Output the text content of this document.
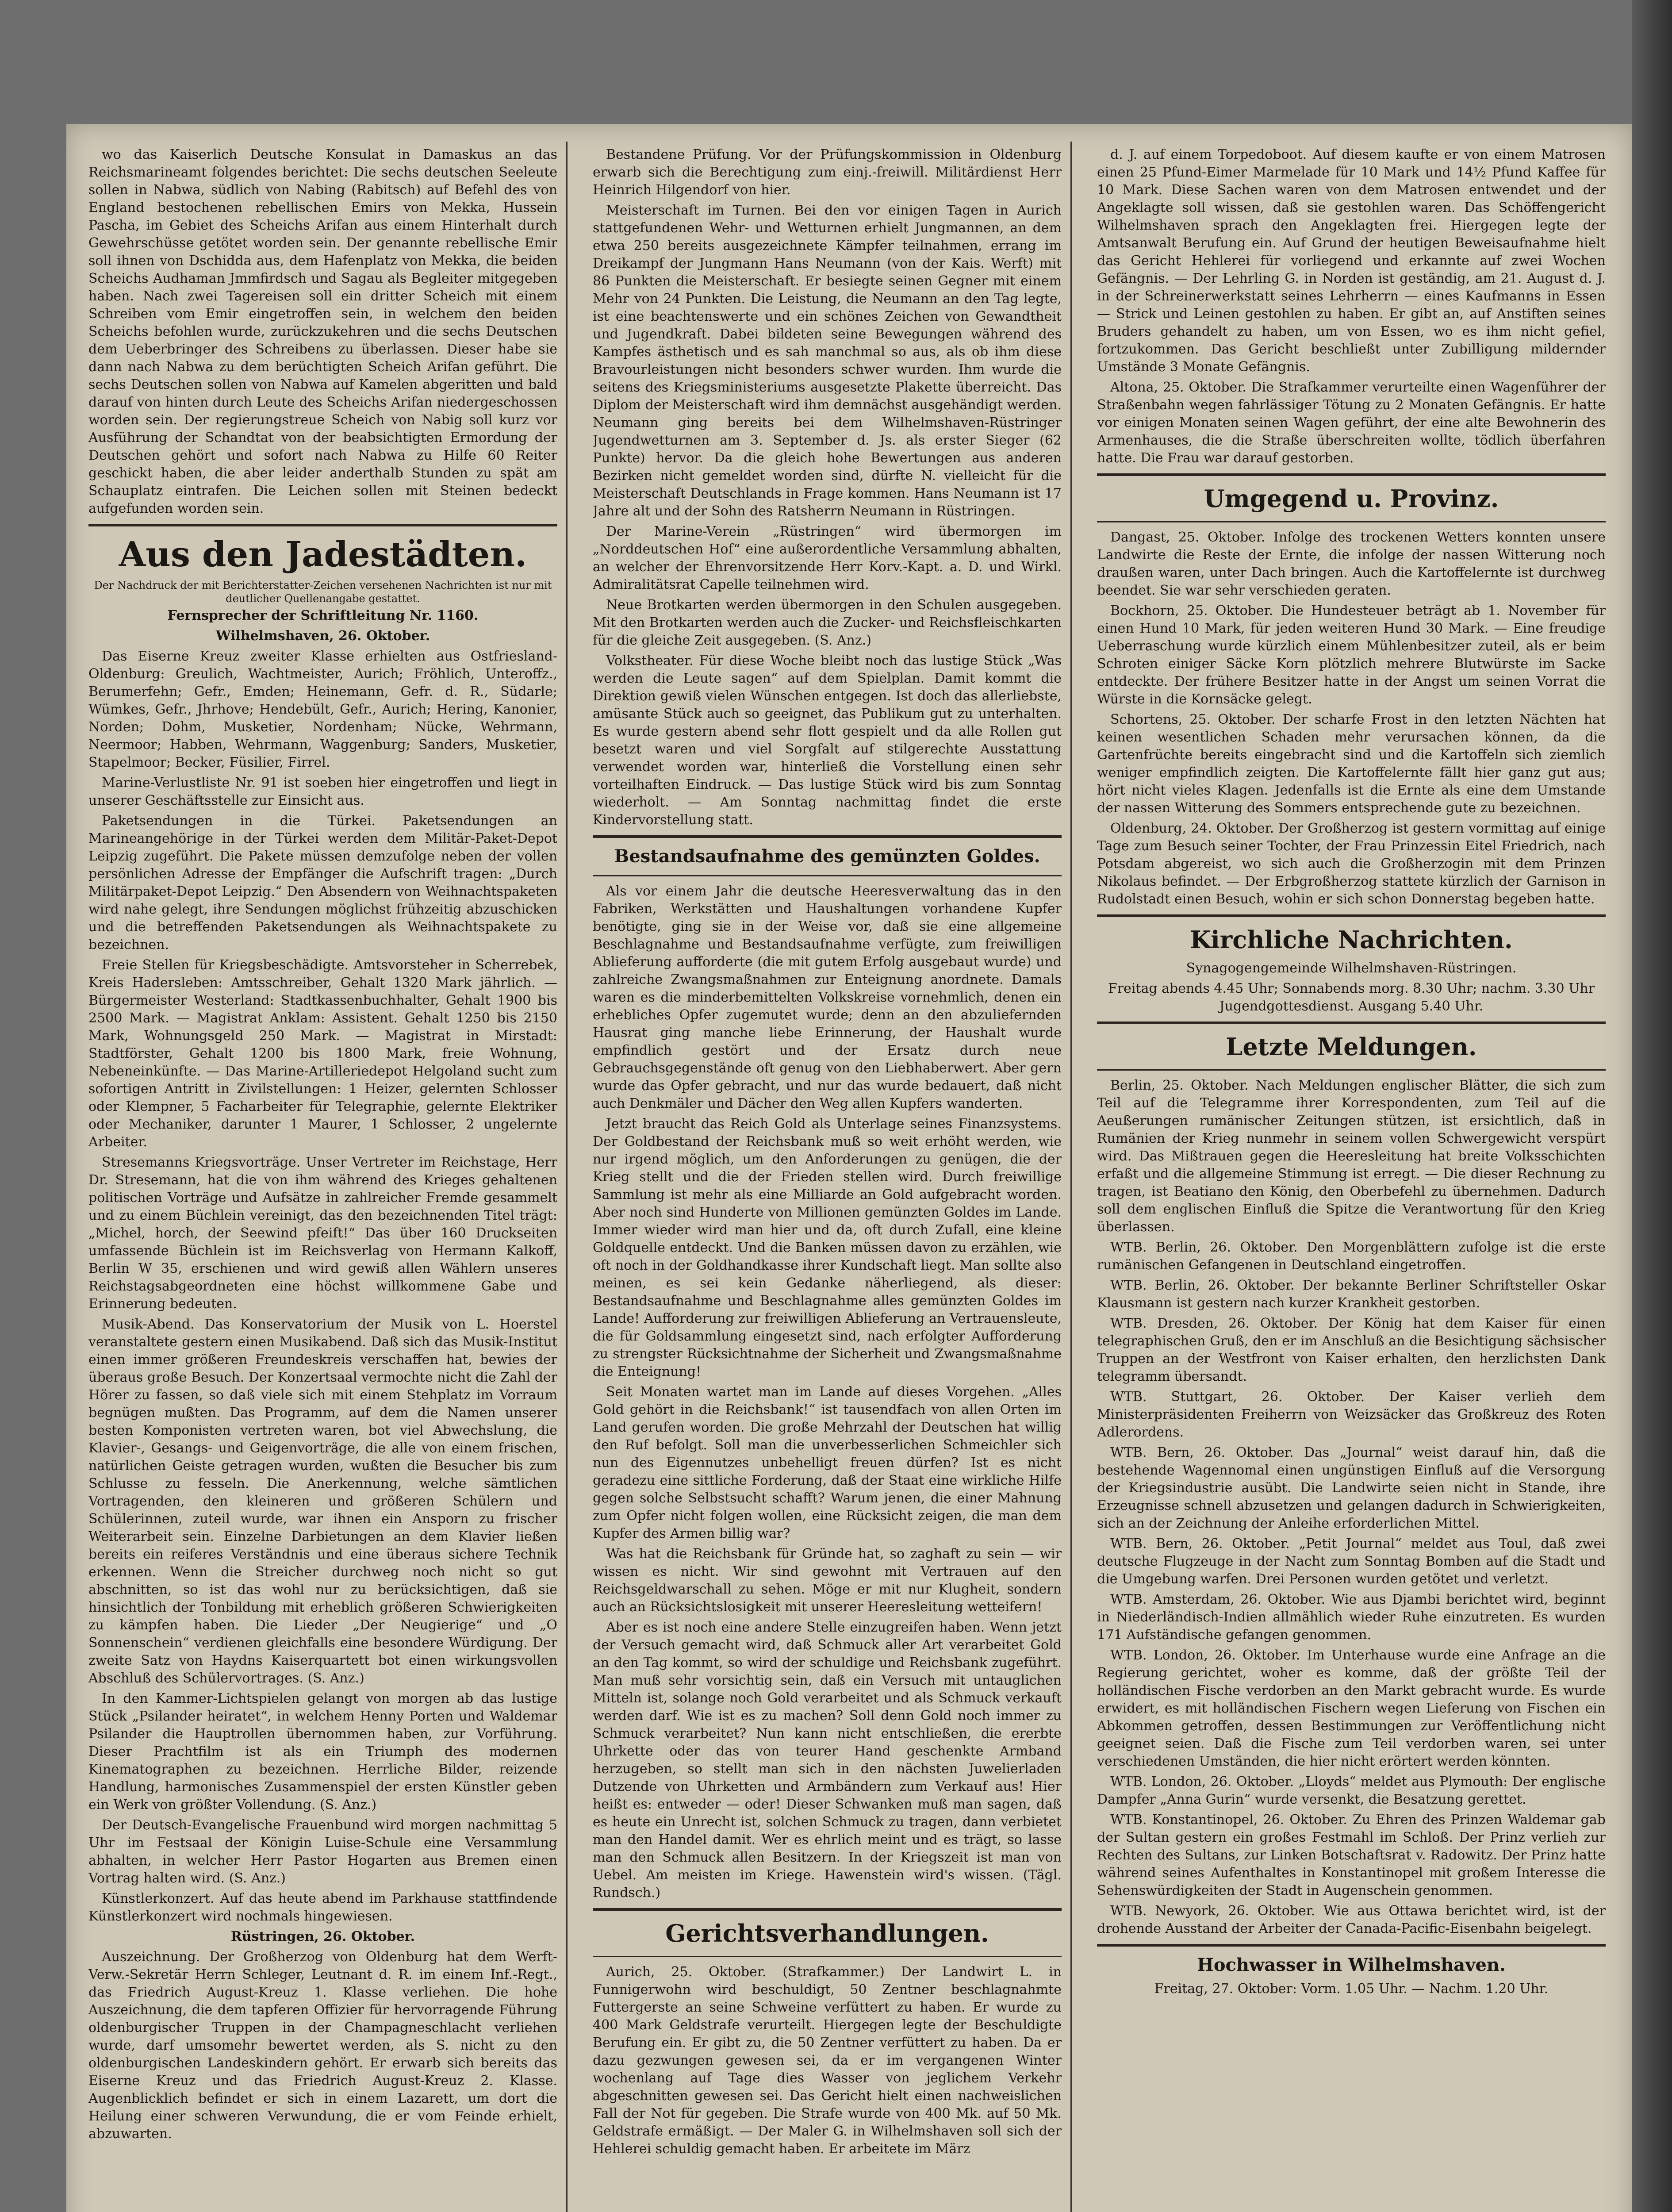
wo das Kaiserlich Deutsche Konsulat in Damaskus an das Reichsmarineamt folgendes berichtet: Die sechs deutschen Seeleute sollen in Nabwa, südlich von Nabing (Rabitsch) auf Befehl des von England bestochenen rebellischen Emirs von Mekka, Hussein Pascha, im Gebiet des Scheichs Arifan aus einem Hinterhalt durch Gewehrschüsse getötet worden sein. Der genannte rebellische Emir soll ihnen von Dschidda aus, dem Hafenplatz von Mekka, die beiden Scheichs Audhaman Jmmfirdsch und Sagau als Begleiter mitgegeben haben. Nach zwei Tagereisen soll ein dritter Scheich mit einem Schreiben vom Emir eingetroffen sein, in welchem den beiden Scheichs befohlen wurde, zurückzukehren und die sechs Deutschen dem Ueberbringer des Schreibens zu überlassen. Dieser habe sie dann nach Nabwa zu dem berüchtigten Scheich Arifan geführt. Die sechs Deutschen sollen von Nabwa auf Kamelen abgeritten und bald darauf von hinten durch Leute des Scheichs Arifan niedergeschossen worden sein. Der regierungstreue Scheich von Nabig soll kurz vor Ausführung der Schandtat von der beabsichtigten Ermordung der Deutschen gehört und sofort nach Nabwa zu Hilfe 60 Reiter geschickt haben, die aber leider anderthalb Stunden zu spät am Schauplatz eintrafen. Die Leichen sollen mit Steinen bedeckt aufgefunden worden sein.

Aus den Jadestädten.
Der Nachdruck der mit Berichterstatter-Zeichen versehenen Nachrichten ist nur mit deutlicher Quellenangabe gestattet.
Fernsprecher der Schriftleitung Nr. 1160.
Wilhelmshaven, 26. Oktober.

Das Eiserne Kreuz zweiter Klasse erhielten aus Ostfriesland-Oldenburg: Greulich, Wachtmeister, Aurich; Fröhlich, Unteroffz., Berumerfehn; Gefr., Emden; Heinemann, Gefr. d. R., Südarle; Wümkes, Gefr., Jhrhove; Hendebült, Gefr., Aurich; Hering, Kanonier, Norden; Dohm, Musketier, Nordenham; Nücke, Wehrmann, Neermoor; Habben, Wehrmann, Waggenburg; Sanders, Musketier, Stapelmoor; Becker, Füsilier, Firrel.

Marine-Verlustliste Nr. 91 ist soeben hier eingetroffen und liegt in unserer Geschäftsstelle zur Einsicht aus.

Paketsendungen in die Türkei. Paketsendungen an Marineangehörige in der Türkei werden dem Militär-Paket-Depot Leipzig zugeführt. Die Pakete müssen demzufolge neben der vollen persönlichen Adresse der Empfänger die Aufschrift tragen: „Durch Militärpaket-Depot Leipzig.“ Den Absendern von Weihnachtspaketen wird nahe gelegt, ihre Sendungen möglichst frühzeitig abzuschicken und die betreffenden Paketsendungen als Weihnachtspakete zu bezeichnen.

Freie Stellen für Kriegsbeschädigte. Amtsvorsteher in Scherrebek, Kreis Hadersleben: Amtsschreiber, Gehalt 1320 Mark jährlich. — Bürgermeister Westerland: Stadtkassenbuchhalter, Gehalt 1900 bis 2500 Mark. — Magistrat Anklam: Assistent. Gehalt 1250 bis 2150 Mark, Wohnungsgeld 250 Mark. — Magistrat in Mirstadt: Stadtförster, Gehalt 1200 bis 1800 Mark, freie Wohnung, Nebeneinkünfte. — Das Marine-Artilleriedepot Helgoland sucht zum sofortigen Antritt in Zivilstellungen: 1 Heizer, gelernten Schlosser oder Klempner, 5 Facharbeiter für Telegraphie, gelernte Elektriker oder Mechaniker, darunter 1 Maurer, 1 Schlosser, 2 ungelernte Arbeiter.

Stresemanns Kriegsvorträge. Unser Vertreter im Reichstage, Herr Dr. Stresemann, hat die von ihm während des Krieges gehaltenen politischen Vorträge und Aufsätze in zahlreicher Fremde gesammelt und zu einem Büchlein vereinigt, das den bezeichnenden Titel trägt: „Michel, horch, der Seewind pfeift!“ Das über 160 Druckseiten umfassende Büchlein ist im Reichsverlag von Hermann Kalkoff, Berlin W 35, erschienen und wird gewiß allen Wählern unseres Reichstagsabgeordneten eine höchst willkommene Gabe und Erinnerung bedeuten.

Musik-Abend. Das Konservatorium der Musik von L. Hoerstel veranstaltete gestern einen Musikabend. Daß sich das Musik-Institut einen immer größeren Freundeskreis verschaffen hat, bewies der überaus große Besuch. Der Konzertsaal vermochte nicht die Zahl der Hörer zu fassen, so daß viele sich mit einem Stehplatz im Vorraum begnügen mußten. Das Programm, auf dem die Namen unserer besten Komponisten vertreten waren, bot viel Abwechslung, die Klavier-, Gesangs- und Geigenvorträge, die alle von einem frischen, natürlichen Geiste getragen wurden, wußten die Besucher bis zum Schlusse zu fesseln. Die Anerkennung, welche sämtlichen Vortragenden, den kleineren und größeren Schülern und Schülerinnen, zuteil wurde, war ihnen ein Ansporn zu frischer Weiterarbeit sein. Einzelne Darbietungen an dem Klavier ließen bereits ein reiferes Verständnis und eine überaus sichere Technik erkennen. Wenn die Streicher durchweg noch nicht so gut abschnitten, so ist das wohl nur zu berücksichtigen, daß sie hinsichtlich der Tonbildung mit erheblich größeren Schwierigkeiten zu kämpfen haben. Die Lieder „Der Neugierige“ und „O Sonnenschein“ verdienen gleichfalls eine besondere Würdigung. Der zweite Satz von Haydns Kaiserquartett bot einen wirkungsvollen Abschluß des Schülervortrages. (S. Anz.)

In den Kammer-Lichtspielen gelangt von morgen ab das lustige Stück „Psilander heiratet“, in welchem Henny Porten und Waldemar Psilander die Hauptrollen übernommen haben, zur Vorführung. Dieser Prachtfilm ist als ein Triumph des modernen Kinematographen zu bezeichnen. Herrliche Bilder, reizende Handlung, harmonisches Zusammenspiel der ersten Künstler geben ein Werk von größter Vollendung. (S. Anz.)

Der Deutsch-Evangelische Frauenbund wird morgen nachmittag 5 Uhr im Festsaal der Königin Luise-Schule eine Versammlung abhalten, in welcher Herr Pastor Hogarten aus Bremen einen Vortrag halten wird. (S. Anz.)

Künstlerkonzert. Auf das heute abend im Parkhause stattfindende Künstlerkonzert wird nochmals hingewiesen.

Rüstringen, 26. Oktober.

Auszeichnung. Der Großherzog von Oldenburg hat dem Werft-Verw.-Sekretär Herrn Schleger, Leutnant d. R. im einem Inf.-Regt., das Friedrich August-Kreuz 1. Klasse verliehen. Die hohe Auszeichnung, die dem tapferen Offizier für hervorragende Führung oldenburgischer Truppen in der Champagneschlacht verliehen wurde, darf umsomehr bewertet werden, als S. nicht zu den oldenburgischen Landeskindern gehört. Er erwarb sich bereits das Eiserne Kreuz und das Friedrich August-Kreuz 2. Klasse. Augenblicklich befindet er sich in einem Lazarett, um dort die Heilung einer schweren Verwundung, die er vom Feinde erhielt, abzuwarten.

Bestandene Prüfung. Vor der Prüfungskommission in Oldenburg erwarb sich die Berechtigung zum einj.-freiwill. Militärdienst Herr Heinrich Hilgendorf von hier.

Meisterschaft im Turnen. Bei den vor einigen Tagen in Aurich stattgefundenen Wehr- und Wetturnen erhielt Jungmannen, an dem etwa 250 bereits ausgezeichnete Kämpfer teilnahmen, errang im Dreikampf der Jungmann Hans Neumann (von der Kais. Werft) mit 86 Punkten die Meisterschaft. Er besiegte seinen Gegner mit einem Mehr von 24 Punkten. Die Leistung, die Neumann an den Tag legte, ist eine beachtenswerte und ein schönes Zeichen von Gewandtheit und Jugendkraft. Dabei bildeten seine Bewegungen während des Kampfes ästhetisch und es sah manchmal so aus, als ob ihm diese Bravourleistungen nicht besonders schwer wurden. Ihm wurde die seitens des Kriegsministeriums ausgesetzte Plakette überreicht. Das Diplom der Meisterschaft wird ihm demnächst ausgehändigt werden. Neumann ging bereits bei dem Wilhelmshaven-Rüstringer Jugendwetturnen am 3. September d. Js. als erster Sieger (62 Punkte) hervor. Da die gleich hohe Bewertungen aus anderen Bezirken nicht gemeldet worden sind, dürfte N. vielleicht für die Meisterschaft Deutschlands in Frage kommen. Hans Neumann ist 17 Jahre alt und der Sohn des Ratsherrn Neumann in Rüstringen.

Der Marine-Verein „Rüstringen“ wird übermorgen im „Norddeutschen Hof“ eine außerordentliche Versammlung abhalten, an welcher der Ehrenvorsitzende Herr Korv.-Kapt. a. D. und Wirkl. Admiralitätsrat Capelle teilnehmen wird.

Neue Brotkarten werden übermorgen in den Schulen ausgegeben. Mit den Brotkarten werden auch die Zucker- und Reichsfleischkarten für die gleiche Zeit ausgegeben. (S. Anz.)

Volkstheater. Für diese Woche bleibt noch das lustige Stück „Was werden die Leute sagen“ auf dem Spielplan. Damit kommt die Direktion gewiß vielen Wünschen entgegen. Ist doch das allerliebste, amüsante Stück auch so geeignet, das Publikum gut zu unterhalten. Es wurde gestern abend sehr flott gespielt und da alle Rollen gut besetzt waren und viel Sorgfalt auf stilgerechte Ausstattung verwendet worden war, hinterließ die Vorstellung einen sehr vorteilhaften Eindruck. — Das lustige Stück wird bis zum Sonntag wiederholt. — Am Sonntag nachmittag findet die erste Kindervorstellung statt.

Bestandsaufnahme des gemünzten Goldes.

Als vor einem Jahr die deutsche Heeresverwaltung das in den Fabriken, Werkstätten und Haushaltungen vorhandene Kupfer benötigte, ging sie in der Weise vor, daß sie eine allgemeine Beschlagnahme und Bestandsaufnahme verfügte, zum freiwilligen Ablieferung aufforderte (die mit gutem Erfolg ausgebaut wurde) und zahlreiche Zwangsmaßnahmen zur Enteignung anordnete. Damals waren es die minderbemittelten Volkskreise vornehmlich, denen ein erhebliches Opfer zugemutet wurde; denn an den abzuliefernden Hausrat ging manche liebe Erinnerung, der Haushalt wurde empfindlich gestört und der Ersatz durch neue Gebrauchsgegenstände oft genug von den Liebhaberwert. Aber gern wurde das Opfer gebracht, und nur das wurde bedauert, daß nicht auch Denkmäler und Dächer den Weg allen Kupfers wanderten.

Jetzt braucht das Reich Gold als Unterlage seines Finanzsystems. Der Goldbestand der Reichsbank muß so weit erhöht werden, wie nur irgend möglich, um den Anforderungen zu genügen, die der Krieg stellt und die der Frieden stellen wird. Durch freiwillige Sammlung ist mehr als eine Milliarde an Gold aufgebracht worden. Aber noch sind Hunderte von Millionen gemünzten Goldes im Lande. Immer wieder wird man hier und da, oft durch Zufall, eine kleine Goldquelle entdeckt. Und die Banken müssen davon zu erzählen, wie oft noch in der Goldhandkasse ihrer Kundschaft liegt. Man sollte also meinen, es sei kein Gedanke näherliegend, als dieser: Bestandsaufnahme und Beschlagnahme alles gemünzten Goldes im Lande! Aufforderung zur freiwilligen Ablieferung an Vertrauensleute, die für Goldsammlung eingesetzt sind, nach erfolgter Aufforderung zu strengster Rücksichtnahme der Sicherheit und Zwangsmaßnahme die Enteignung!

Seit Monaten wartet man im Lande auf dieses Vorgehen. „Alles Gold gehört in die Reichsbank!“ ist tausendfach von allen Orten im Land gerufen worden. Die große Mehrzahl der Deutschen hat willig den Ruf befolgt. Soll man die unverbesserlichen Schmeichler sich nun des Eigennutzes unbehelligt freuen dürfen? Ist es nicht geradezu eine sittliche Forderung, daß der Staat eine wirkliche Hilfe gegen solche Selbstsucht schafft? Warum jenen, die einer Mahnung zum Opfer nicht folgen wollen, eine Rücksicht zeigen, die man dem Kupfer des Armen billig war?

Was hat die Reichsbank für Gründe hat, so zaghaft zu sein — wir wissen es nicht. Wir sind gewohnt mit Vertrauen auf den Reichsgeldwarschall zu sehen. Möge er mit nur Klugheit, sondern auch an Rücksichtslosigkeit mit unserer Heeresleitung wetteifern!

Aber es ist noch eine andere Stelle einzugreifen haben. Wenn jetzt der Versuch gemacht wird, daß Schmuck aller Art verarbeitet Gold an den Tag kommt, so wird der schuldige und Reichsbank zugeführt. Man muß sehr vorsichtig sein, daß ein Versuch mit untauglichen Mitteln ist, solange noch Gold verarbeitet und als Schmuck verkauft werden darf. Wie ist es zu machen? Soll denn Gold noch immer zu Schmuck verarbeitet? Nun kann nicht entschließen, die ererbte Uhrkette oder das von teurer Hand geschenkte Armband herzugeben, so stellt man sich in den nächsten Juwelierladen Dutzende von Uhrketten und Armbändern zum Verkauf aus! Hier heißt es: entweder — oder! Dieser Schwanken muß man sagen, daß es heute ein Unrecht ist, solchen Schmuck zu tragen, dann verbietet man den Handel damit. Wer es ehrlich meint und es trägt, so lasse man den Schmuck allen Besitzern. In der Kriegszeit ist man von Uebel. Am meisten im Kriege. Hawenstein wird's wissen. (Tägl. Rundsch.)

Gerichtsverhandlungen.

Aurich, 25. Oktober. (Strafkammer.) Der Landwirt L. in Funnigerwohn wird beschuldigt, 50 Zentner beschlagnahmte Futtergerste an seine Schweine verfüttert zu haben. Er wurde zu 400 Mark Geldstrafe verurteilt. Hiergegen legte der Beschuldigte Berufung ein. Er gibt zu, die 50 Zentner verfüttert zu haben. Da er dazu gezwungen gewesen sei, da er im vergangenen Winter wochenlang auf Tage dies Wasser von jeglichem Verkehr abgeschnitten gewesen sei. Das Gericht hielt einen nachweislichen Fall der Not für gegeben. Die Strafe wurde von 400 Mk. auf 50 Mk. Geldstrafe ermäßigt. — Der Maler G. in Wilhelmshaven soll sich der Hehlerei schuldig gemacht haben. Er arbeitete im März

d. J. auf einem Torpedoboot. Auf diesem kaufte er von einem Matrosen einen 25 Pfund-Eimer Marmelade für 10 Mark und 14½ Pfund Kaffee für 10 Mark. Diese Sachen waren von dem Matrosen entwendet und der Angeklagte soll wissen, daß sie gestohlen waren. Das Schöffengericht Wilhelmshaven sprach den Angeklagten frei. Hiergegen legte der Amtsanwalt Berufung ein. Auf Grund der heutigen Beweisaufnahme hielt das Gericht Hehlerei für vorliegend und erkannte auf zwei Wochen Gefängnis. — Der Lehrling G. in Norden ist geständig, am 21. August d. J. in der Schreinerwerkstatt seines Lehrherrn — eines Kaufmanns in Essen — Strick und Leinen gestohlen zu haben. Er gibt an, auf Anstiften seines Bruders gehandelt zu haben, um von Essen, wo es ihm nicht gefiel, fortzukommen. Das Gericht beschließt unter Zubilligung mildernder Umstände 3 Monate Gefängnis.

Altona, 25. Oktober. Die Strafkammer verurteilte einen Wagenführer der Straßenbahn wegen fahrlässiger Tötung zu 2 Monaten Gefängnis. Er hatte vor einigen Monaten seinen Wagen geführt, der eine alte Bewohnerin des Armenhauses, die die Straße überschreiten wollte, tödlich überfahren hatte. Die Frau war darauf gestorben.

Umgegend u. Provinz.

Dangast, 25. Oktober. Infolge des trockenen Wetters konnten unsere Landwirte die Reste der Ernte, die infolge der nassen Witterung noch draußen waren, unter Dach bringen. Auch die Kartoffelernte ist durchweg beendet. Sie war sehr verschieden geraten.

Bockhorn, 25. Oktober. Die Hundesteuer beträgt ab 1. November für einen Hund 10 Mark, für jeden weiteren Hund 30 Mark. — Eine freudige Ueberraschung wurde kürzlich einem Mühlenbesitzer zuteil, als er beim Schroten einiger Säcke Korn plötzlich mehrere Blutwürste im Sacke entdeckte. Der frühere Besitzer hatte in der Angst um seinen Vorrat die Würste in die Kornsäcke gelegt.

Schortens, 25. Oktober. Der scharfe Frost in den letzten Nächten hat keinen wesentlichen Schaden mehr verursachen können, da die Gartenfrüchte bereits eingebracht sind und die Kartoffeln sich ziemlich weniger empfindlich zeigten. Die Kartoffelernte fällt hier ganz gut aus; hört nicht vieles Klagen. Jedenfalls ist die Ernte als eine dem Umstande der nassen Witterung des Sommers entsprechende gute zu bezeichnen.

Oldenburg, 24. Oktober. Der Großherzog ist gestern vormittag auf einige Tage zum Besuch seiner Tochter, der Frau Prinzessin Eitel Friedrich, nach Potsdam abgereist, wo sich auch die Großherzogin mit dem Prinzen Nikolaus befindet. — Der Erbgroßherzog stattete kürzlich der Garnison in Rudolstadt einen Besuch, wohin er sich schon Donnerstag begeben hatte.

Kirchliche Nachrichten.

Synagogengemeinde Wilhelmshaven-Rüstringen.

Freitag abends 4.45 Uhr; Sonnabends morg. 8.30 Uhr; nachm. 3.30 Uhr Jugendgottesdienst. Ausgang 5.40 Uhr.

Letzte Meldungen.

Berlin, 25. Oktober. Nach Meldungen englischer Blätter, die sich zum Teil auf die Telegramme ihrer Korrespondenten, zum Teil auf die Aeußerungen rumänischer Zeitungen stützen, ist ersichtlich, daß in Rumänien der Krieg nunmehr in seinem vollen Schwergewicht verspürt wird. Das Mißtrauen gegen die Heeresleitung hat breite Volksschichten erfaßt und die allgemeine Stimmung ist erregt. — Die dieser Rechnung zu tragen, ist Beatiano den König, den Oberbefehl zu übernehmen. Dadurch soll dem englischen Einfluß die Spitze die Verantwortung für den Krieg überlassen.

WTB. Berlin, 26. Oktober. Den Morgenblättern zufolge ist die erste rumänischen Gefangenen in Deutschland eingetroffen.

WTB. Berlin, 26. Oktober. Der bekannte Berliner Schriftsteller Oskar Klausmann ist gestern nach kurzer Krankheit gestorben.

WTB. Dresden, 26. Oktober. Der König hat dem Kaiser für einen telegraphischen Gruß, den er im Anschluß an die Besichtigung sächsischer Truppen an der Westfront von Kaiser erhalten, den herzlichsten Dank telegramm übersandt.

WTB. Stuttgart, 26. Oktober. Der Kaiser verlieh dem Ministerpräsidenten Freiherrn von Weizsäcker das Großkreuz des Roten Adlerordens.

WTB. Bern, 26. Oktober. Das „Journal“ weist darauf hin, daß die bestehende Wagennomal einen ungünstigen Einfluß auf die Versorgung der Kriegsindustrie ausübt. Die Landwirte seien nicht in Stande, ihre Erzeugnisse schnell abzusetzen und gelangen dadurch in Schwierigkeiten, sich an der Zeichnung der Anleihe erforderlichen Mittel.

WTB. Bern, 26. Oktober. „Petit Journal“ meldet aus Toul, daß zwei deutsche Flugzeuge in der Nacht zum Sonntag Bomben auf die Stadt und die Umgebung warfen. Drei Personen wurden getötet und verletzt.

WTB. Amsterdam, 26. Oktober. Wie aus Djambi berichtet wird, beginnt in Niederländisch-Indien allmählich wieder Ruhe einzutreten. Es wurden 171 Aufständische gefangen genommen.

WTB. London, 26. Oktober. Im Unterhause wurde eine Anfrage an die Regierung gerichtet, woher es komme, daß der größte Teil der holländischen Fische verdorben an den Markt gebracht wurde. Es wurde erwidert, es mit holländischen Fischern wegen Lieferung von Fischen ein Abkommen getroffen, dessen Bestimmungen zur Veröffentlichung nicht geeignet seien. Daß die Fische zum Teil verdorben waren, sei unter verschiedenen Umständen, die hier nicht erörtert werden könnten.

WTB. London, 26. Oktober. „Lloyds“ meldet aus Plymouth: Der englische Dampfer „Anna Gurin“ wurde versenkt, die Besatzung gerettet.

WTB. Konstantinopel, 26. Oktober. Zu Ehren des Prinzen Waldemar gab der Sultan gestern ein großes Festmahl im Schloß. Der Prinz verlieh zur Rechten des Sultans, zur Linken Botschaftsrat v. Radowitz. Der Prinz hatte während seines Aufenthaltes in Konstantinopel mit großem Interesse die Sehenswürdigkeiten der Stadt in Augenschein genommen.

WTB. Newyork, 26. Oktober. Wie aus Ottawa berichtet wird, ist der drohende Ausstand der Arbeiter der Canada-Pacific-Eisenbahn beigelegt.

Hochwasser in Wilhelmshaven.

Freitag, 27. Oktober: Vorm. 1.05 Uhr. — Nachm. 1.20 Uhr.
